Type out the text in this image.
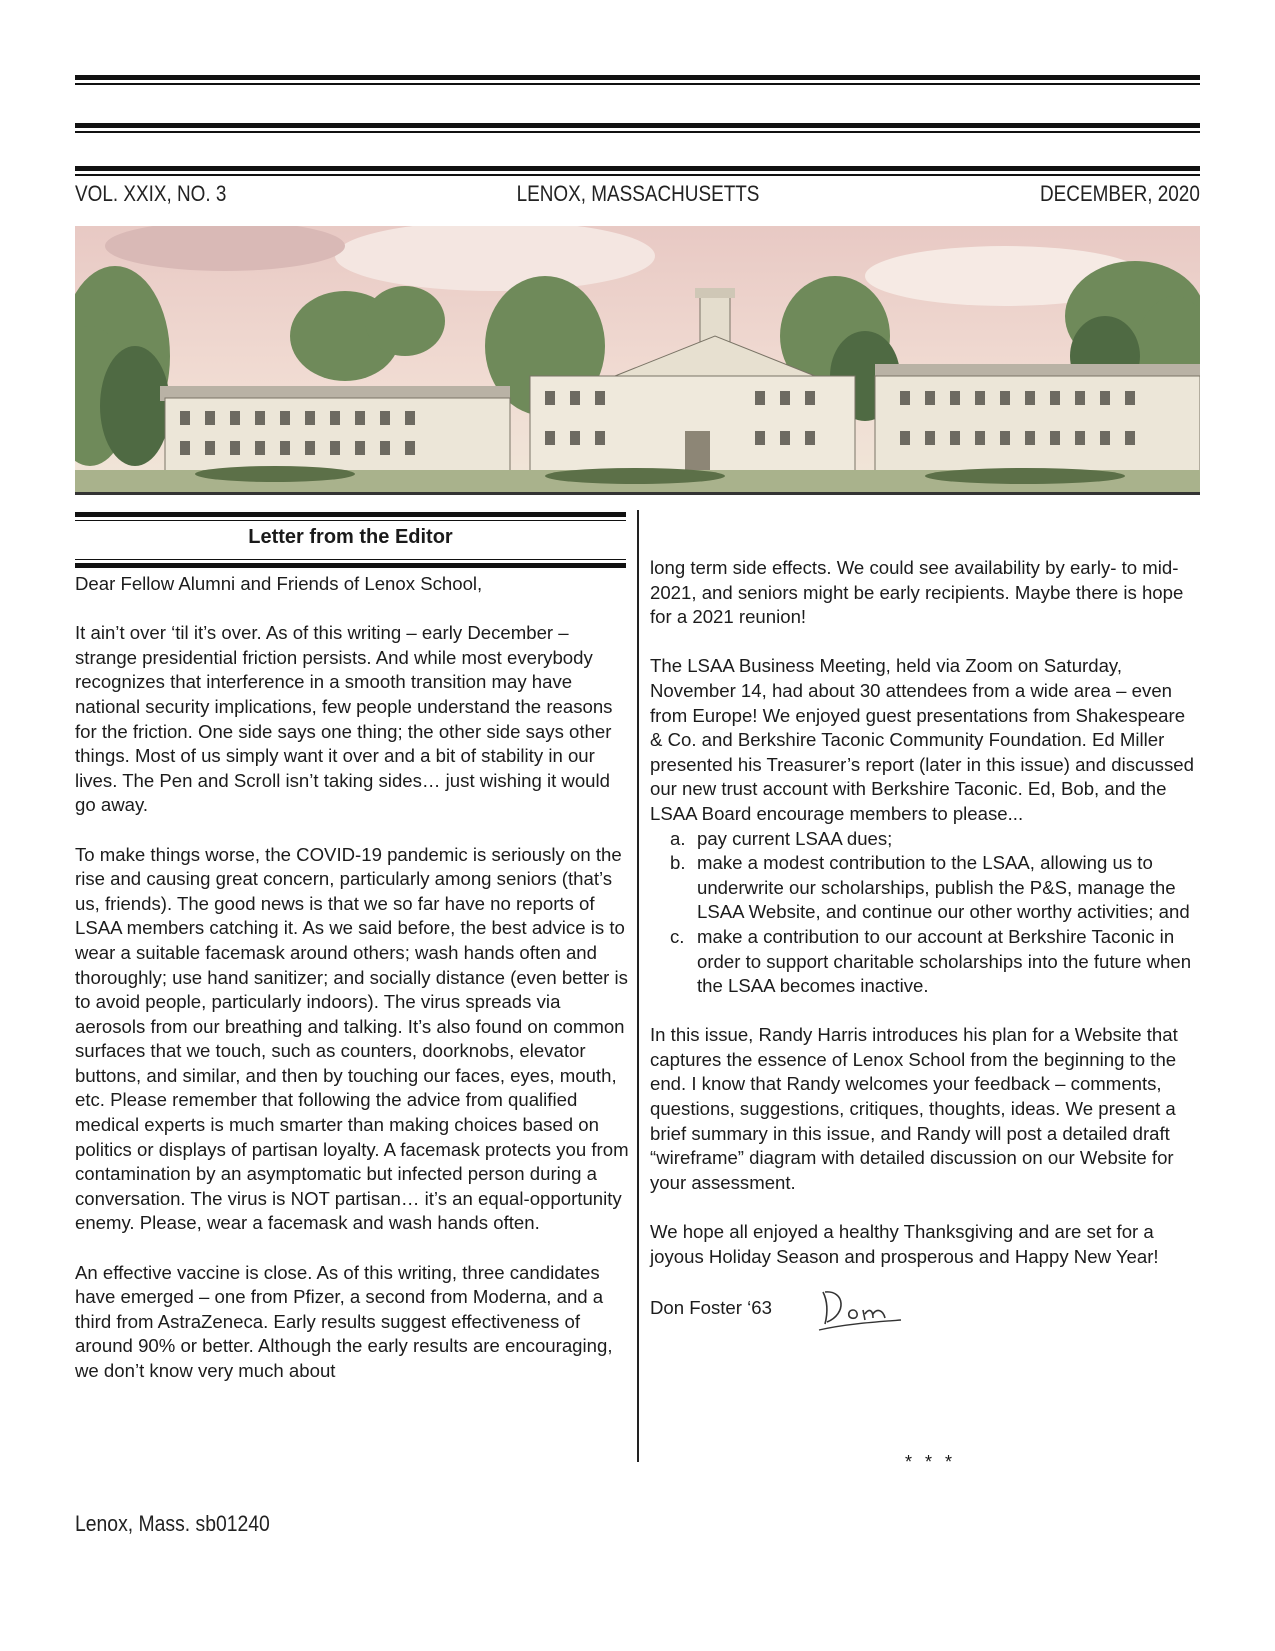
VOL. XXIX, NO. 3	LENOX, MASSACHUSETTS	DECEMBER, 2020
Letter from the Editor

Dear Fellow Alumni and Friends of Lenox School,

It ain’t over ‘til it’s over. As of this writing – early December – strange presidential friction persists. And while most everybody recognizes that interference in a smooth transition may have national security implications, few people understand the reasons for the friction. One side says one thing; the other side says other things. Most of us simply want it over and a bit of stability in our lives. The Pen and Scroll isn’t taking sides… just wishing it would go away.

To make things worse, the COVID-19 pandemic is seriously on the rise and causing great concern, particularly among seniors (that’s us, friends). The good news is that we so far have no reports of LSAA members catching it. As we said before, the best advice is to wear a suitable facemask around others; wash hands often and thoroughly; use hand sanitizer; and socially distance (even better is to avoid people, particularly indoors). The virus spreads via aerosols from our breathing and talking. It’s also found on common surfaces that we touch, such as counters, doorknobs, elevator buttons, and similar, and then by touching our faces, eyes, mouth, etc. Please remember that following the advice from qualified medical experts is much smarter than making choices based on politics or displays of partisan loyalty. A facemask protects you from contamination by an asymptomatic but infected person during a conversation. The virus is NOT partisan… it’s an equal-opportunity enemy. Please, wear a facemask and wash hands often.

An effective vaccine is close. As of this writing, three candidates have emerged – one from Pfizer, a second from Moderna, and a third from AstraZeneca. Early results suggest effectiveness of around 90% or better. Although the early results are encouraging, we don’t know very much about

long term side effects. We could see availability by early- to mid-2021, and seniors might be early recipients. Maybe there is hope for a 2021 reunion!

The LSAA Business Meeting, held via Zoom on Saturday, November 14, had about 30 attendees from a wide area – even from Europe! We enjoyed guest presentations from Shakespeare & Co. and Berkshire Taconic Community Foundation. Ed Miller presented his Treasurer’s report (later in this issue) and discussed our new trust account with Berkshire Taconic. Ed, Bob, and the LSAA Board encourage members to please...

a. pay current LSAA dues;
b. make a modest contribution to the LSAA, allowing us to underwrite our scholarships, publish the P&S, manage the LSAA Website, and continue our other worthy activities; and
c. make a contribution to our account at Berkshire Taconic in order to support charitable scholarships into the future when the LSAA becomes inactive.

In this issue, Randy Harris introduces his plan for a Website that captures the essence of Lenox School from the beginning to the end. I know that Randy welcomes your feedback – comments, questions, suggestions, critiques, thoughts, ideas. We present a brief summary in this issue, and Randy will post a detailed draft “wireframe” diagram with detailed discussion on our Website for your assessment.

We hope all enjoyed a healthy Thanksgiving and are set for a joyous Holiday Season and prosperous and Happy New Year!

Don Foster ‘63
* * *
Lenox, Mass. sb01240
